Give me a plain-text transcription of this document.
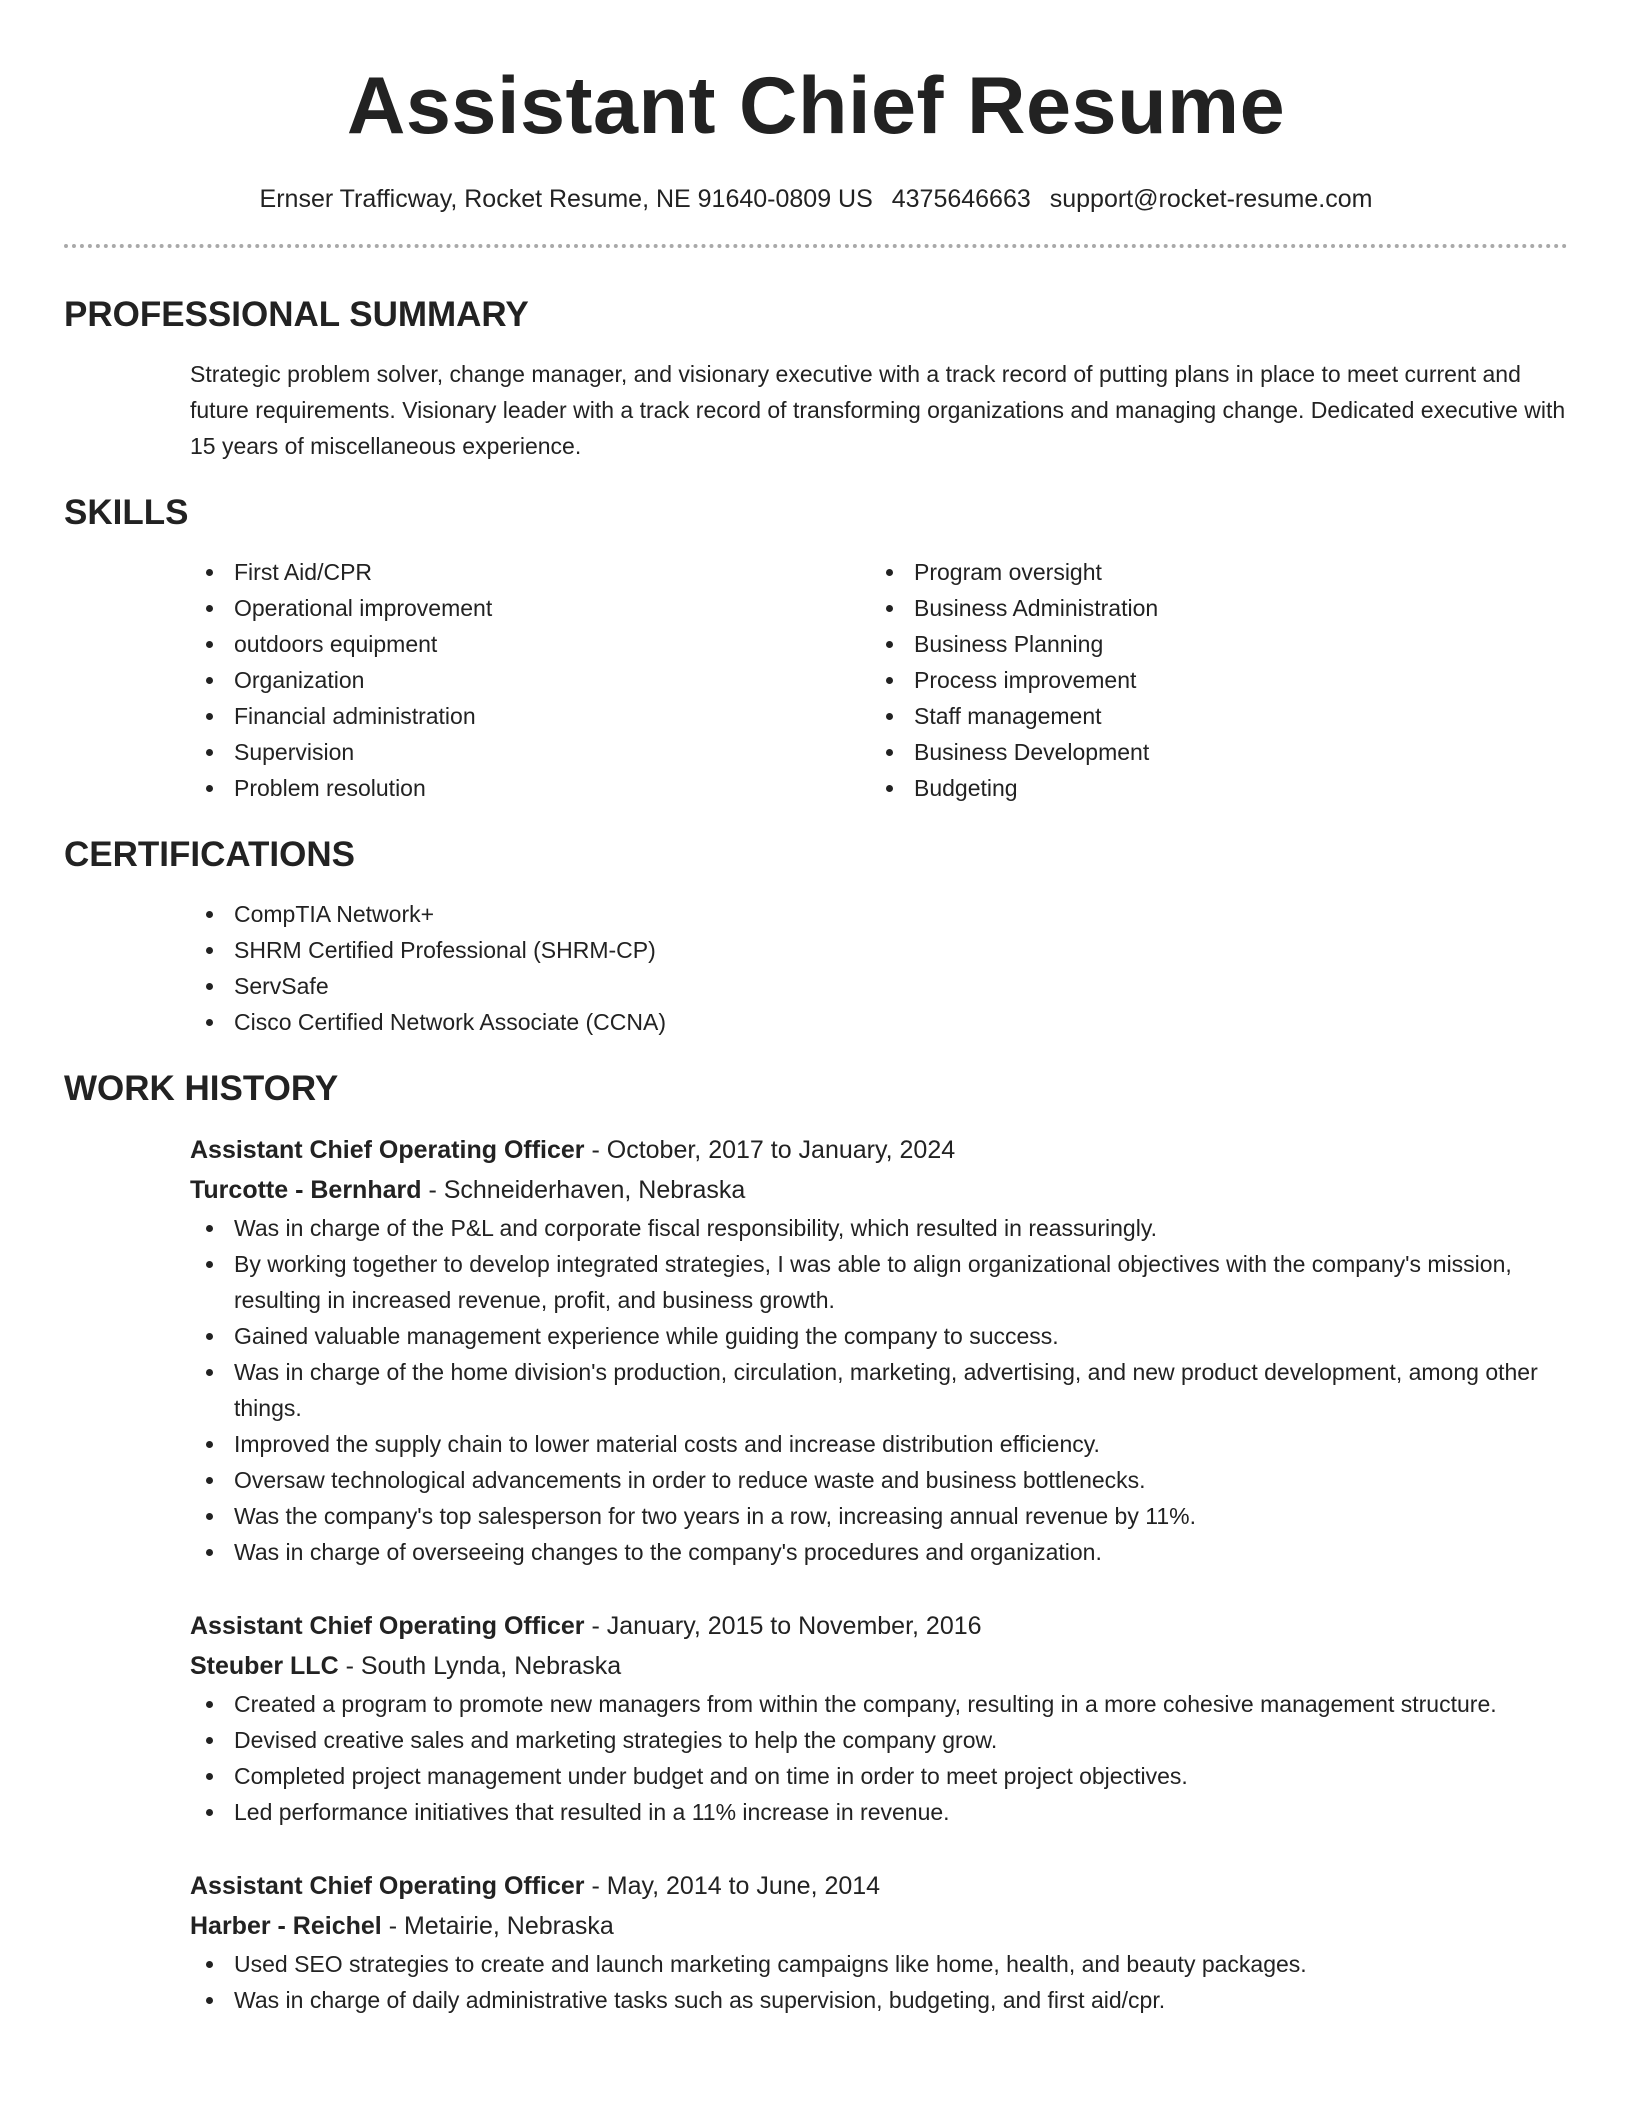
Assistant Chief Resume
Ernser Trafficway, Rocket Resume, NE 91640-0809 US 4375646663 support@rocket-resume.com
PROFESSIONAL SUMMARY
Strategic problem solver, change manager, and visionary executive with a track record of putting plans in place to meet current and future requirements. Visionary leader with a track record of transforming organizations and managing change. Dedicated executive with 15 years of miscellaneous experience.
SKILLS
First Aid/CPR
Operational improvement
outdoors equipment
Organization
Financial administration
Supervision
Problem resolution
Program oversight
Business Administration
Business Planning
Process improvement
Staff management
Business Development
Budgeting
CERTIFICATIONS
CompTIA Network+
SHRM Certified Professional (SHRM-CP)
ServSafe
Cisco Certified Network Associate (CCNA)
WORK HISTORY
Assistant Chief Operating Officer - October, 2017 to January, 2024
Turcotte - Bernhard - Schneiderhaven, Nebraska
Was in charge of the P&L and corporate fiscal responsibility, which resulted in reassuringly.
By working together to develop integrated strategies, I was able to align organizational objectives with the company's mission, resulting in increased revenue, profit, and business growth.
Gained valuable management experience while guiding the company to success.
Was in charge of the home division's production, circulation, marketing, advertising, and new product development, among other things.
Improved the supply chain to lower material costs and increase distribution efficiency.
Oversaw technological advancements in order to reduce waste and business bottlenecks.
Was the company's top salesperson for two years in a row, increasing annual revenue by 11%.
Was in charge of overseeing changes to the company's procedures and organization.
Assistant Chief Operating Officer - January, 2015 to November, 2016
Steuber LLC - South Lynda, Nebraska
Created a program to promote new managers from within the company, resulting in a more cohesive management structure.
Devised creative sales and marketing strategies to help the company grow.
Completed project management under budget and on time in order to meet project objectives.
Led performance initiatives that resulted in a 11% increase in revenue.
Assistant Chief Operating Officer - May, 2014 to June, 2014
Harber - Reichel - Metairie, Nebraska
Used SEO strategies to create and launch marketing campaigns like home, health, and beauty packages.
Was in charge of daily administrative tasks such as supervision, budgeting, and first aid/cpr.
